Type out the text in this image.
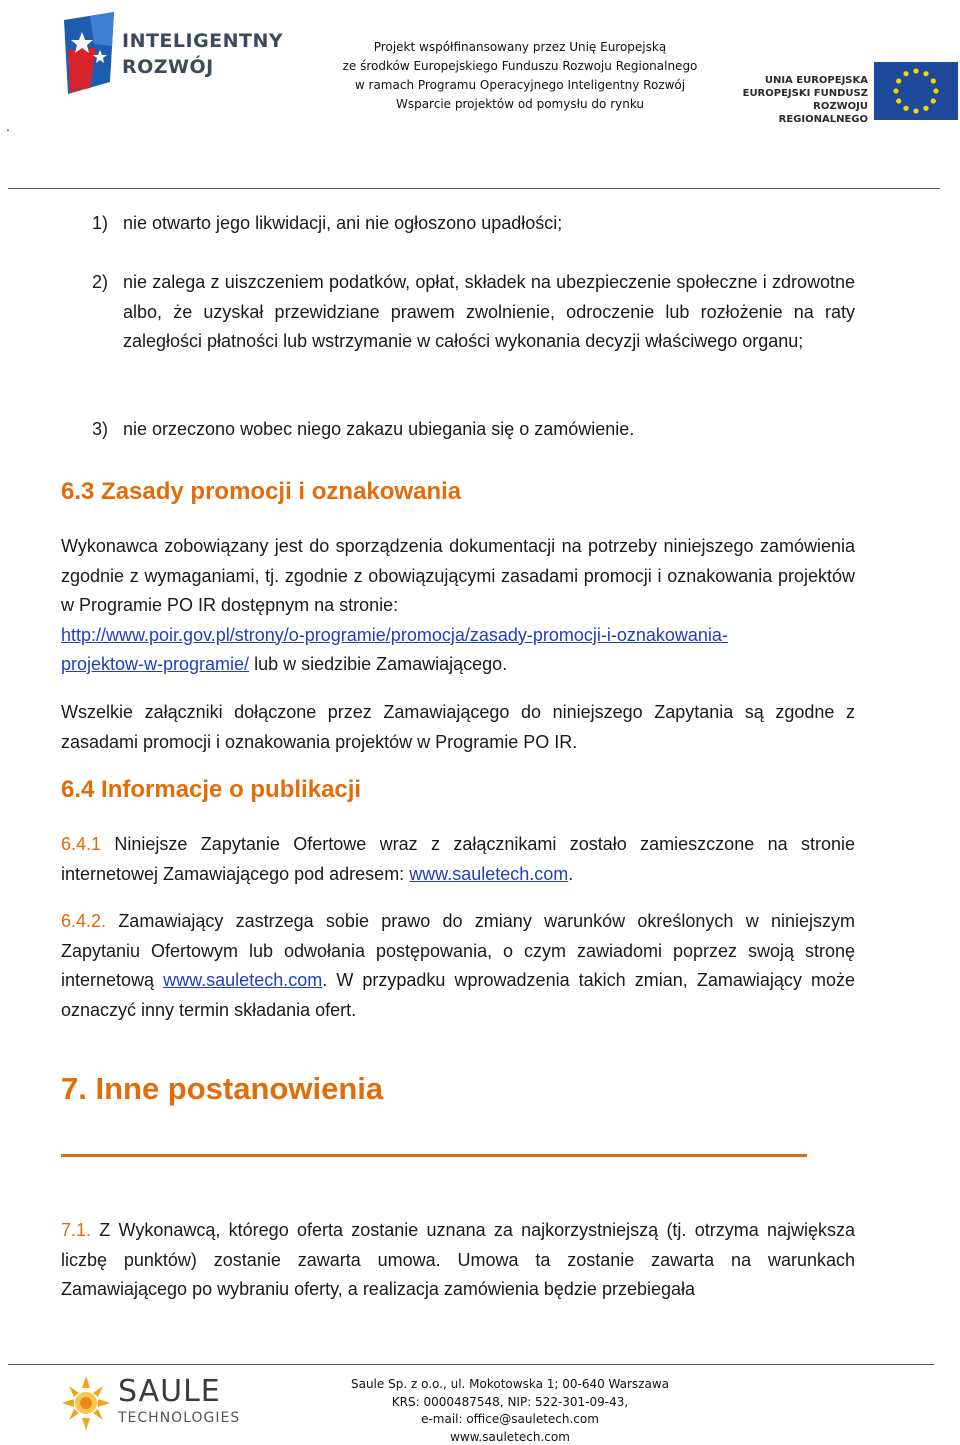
.
INTELIGENTNY
ROZWÓJ
Projekt współfinansowany przez Unię Europejską
ze środków Europejskiego Funduszu Rozwoju Regionalnego
w ramach Programu Operacyjnego Inteligentny Rozwój
Wsparcie projektów od pomysłu do rynku
UNIA EUROPEJSKA
EUROPEJSKI FUNDUSZ
ROZWOJU REGIONALNEGO
1) nie otwarto jego likwidacji, ani nie ogłoszono upadłości;
2) nie zalega z uiszczeniem podatków, opłat, składek na ubezpieczenie społeczne i zdrowotne albo, że uzyskał przewidziane prawem zwolnienie, odroczenie lub rozłożenie na raty zaległości płatności lub wstrzymanie w całości wykonania decyzji właściwego organu;
3) nie orzeczono wobec niego zakazu ubiegania się o zamówienie.
6.3 Zasady promocji i oznakowania
Wykonawca zobowiązany jest do sporządzenia dokumentacji na potrzeby niniejszego zamówienia zgodnie z wymaganiami, tj. zgodnie z obowiązującymi zasadami promocji i oznakowania projektów w Programie PO IR dostępnym na stronie:
http://www.poir.gov.pl/strony/o-programie/promocja/zasady-promocji-i-oznakowania-
projektow-w-programie/ lub w siedzibie Zamawiającego.
Wszelkie załączniki dołączone przez Zamawiającego do niniejszego Zapytania są zgodne z zasadami promocji i oznakowania projektów w Programie PO IR.
6.4 Informacje o publikacji
6.4.1 Niniejsze Zapytanie Ofertowe wraz z załącznikami zostało zamieszczone na stronie internetowej Zamawiającego pod adresem: www.sauletech.com.
6.4.2. Zamawiający zastrzega sobie prawo do zmiany warunków określonych w niniejszym Zapytaniu Ofertowym lub odwołania postępowania, o czym zawiadomi poprzez swoją stronę internetową www.sauletech.com. W przypadku wprowadzenia takich zmian, Zamawiający może oznaczyć inny termin składania ofert.
7. Inne postanowienia
7.1. Z Wykonawcą, którego oferta zostanie uznana za najkorzystniejszą (tj. otrzyma największa liczbę punktów) zostanie zawarta umowa. Umowa ta zostanie zawarta na warunkach Zamawiającego po wybraniu oferty, a realizacja zamówienia będzie przebiegała
SAULE
TECHNOLOGIES
Saule Sp. z o.o., ul. Mokotowska 1; 00-640 Warszawa
KRS: 0000487548, NIP: 522-301-09-43,
e-mail: office@sauletech.com
www.sauletech.com
